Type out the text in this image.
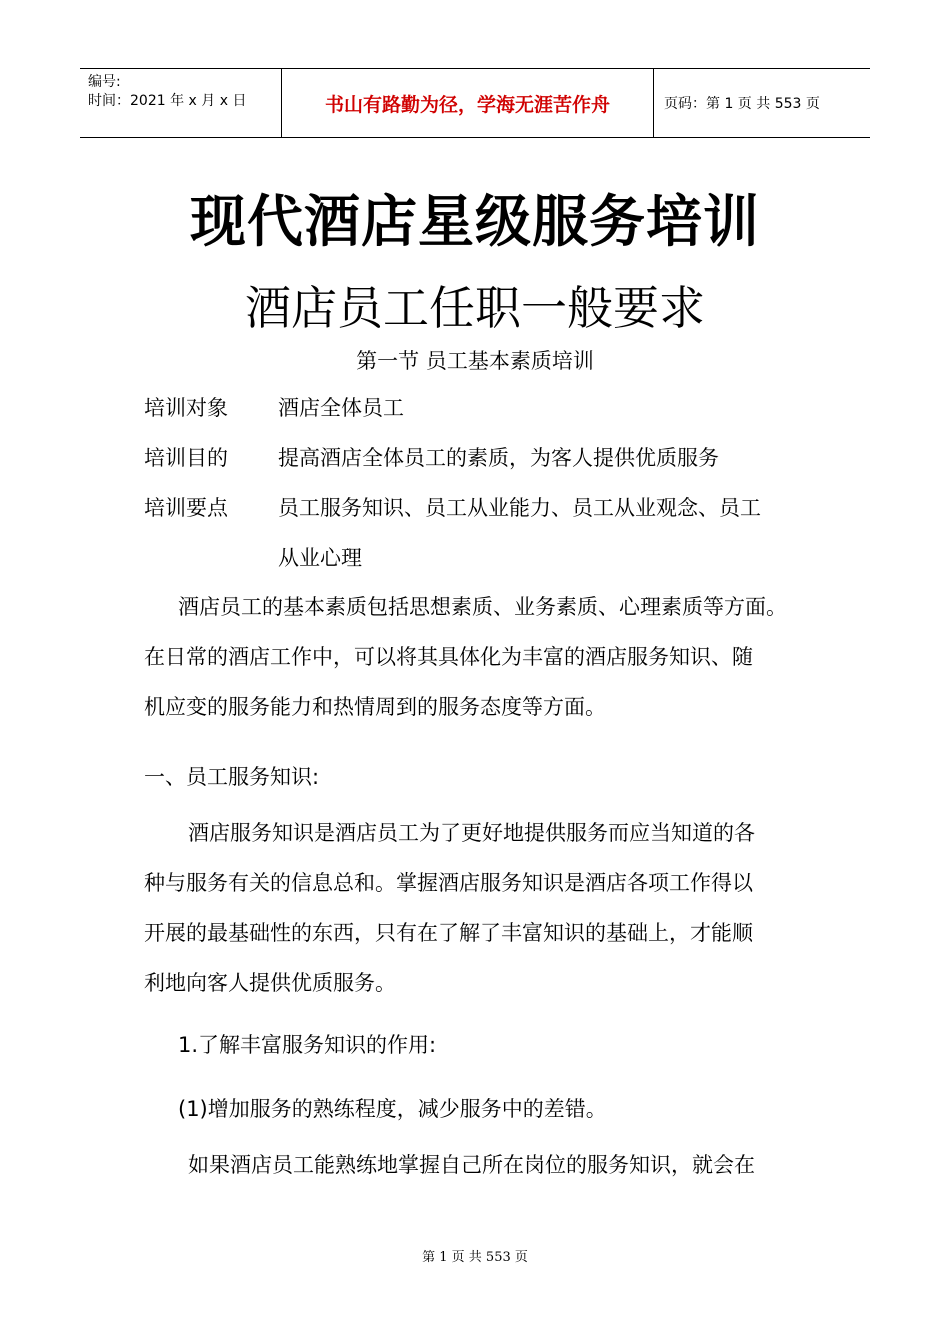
编号:
时间：2021 年 x 月 x 日	书山有路勤为径，学海无涯苦作舟	页码：第 1 页 共 553 页
现代酒店星级服务培训
酒店员工任职一般要求
第一节 员工基本素质培训
培训对象 酒店全体员工
培训目的 提高酒店全体员工的素质，为客人提供优质服务
培训要点 员工服务知识、员工从业能力、员工从业观念、员工
从业心理
酒店员工的基本素质包括思想素质、业务素质、心理素质等方面。
在日常的酒店工作中，可以将其具体化为丰富的酒店服务知识、随
机应变的服务能力和热情周到的服务态度等方面。
一、员工服务知识:
酒店服务知识是酒店员工为了更好地提供服务而应当知道的各
种与服务有关的信息总和。掌握酒店服务知识是酒店各项工作得以
开展的最基础性的东西，只有在了解了丰富知识的基础上，才能顺
利地向客人提供优质服务。
1.了解丰富服务知识的作用:
(1)增加服务的熟练程度，减少服务中的差错。
如果酒店员工能熟练地掌握自己所在岗位的服务知识，就会在
第 1 页 共 553 页
